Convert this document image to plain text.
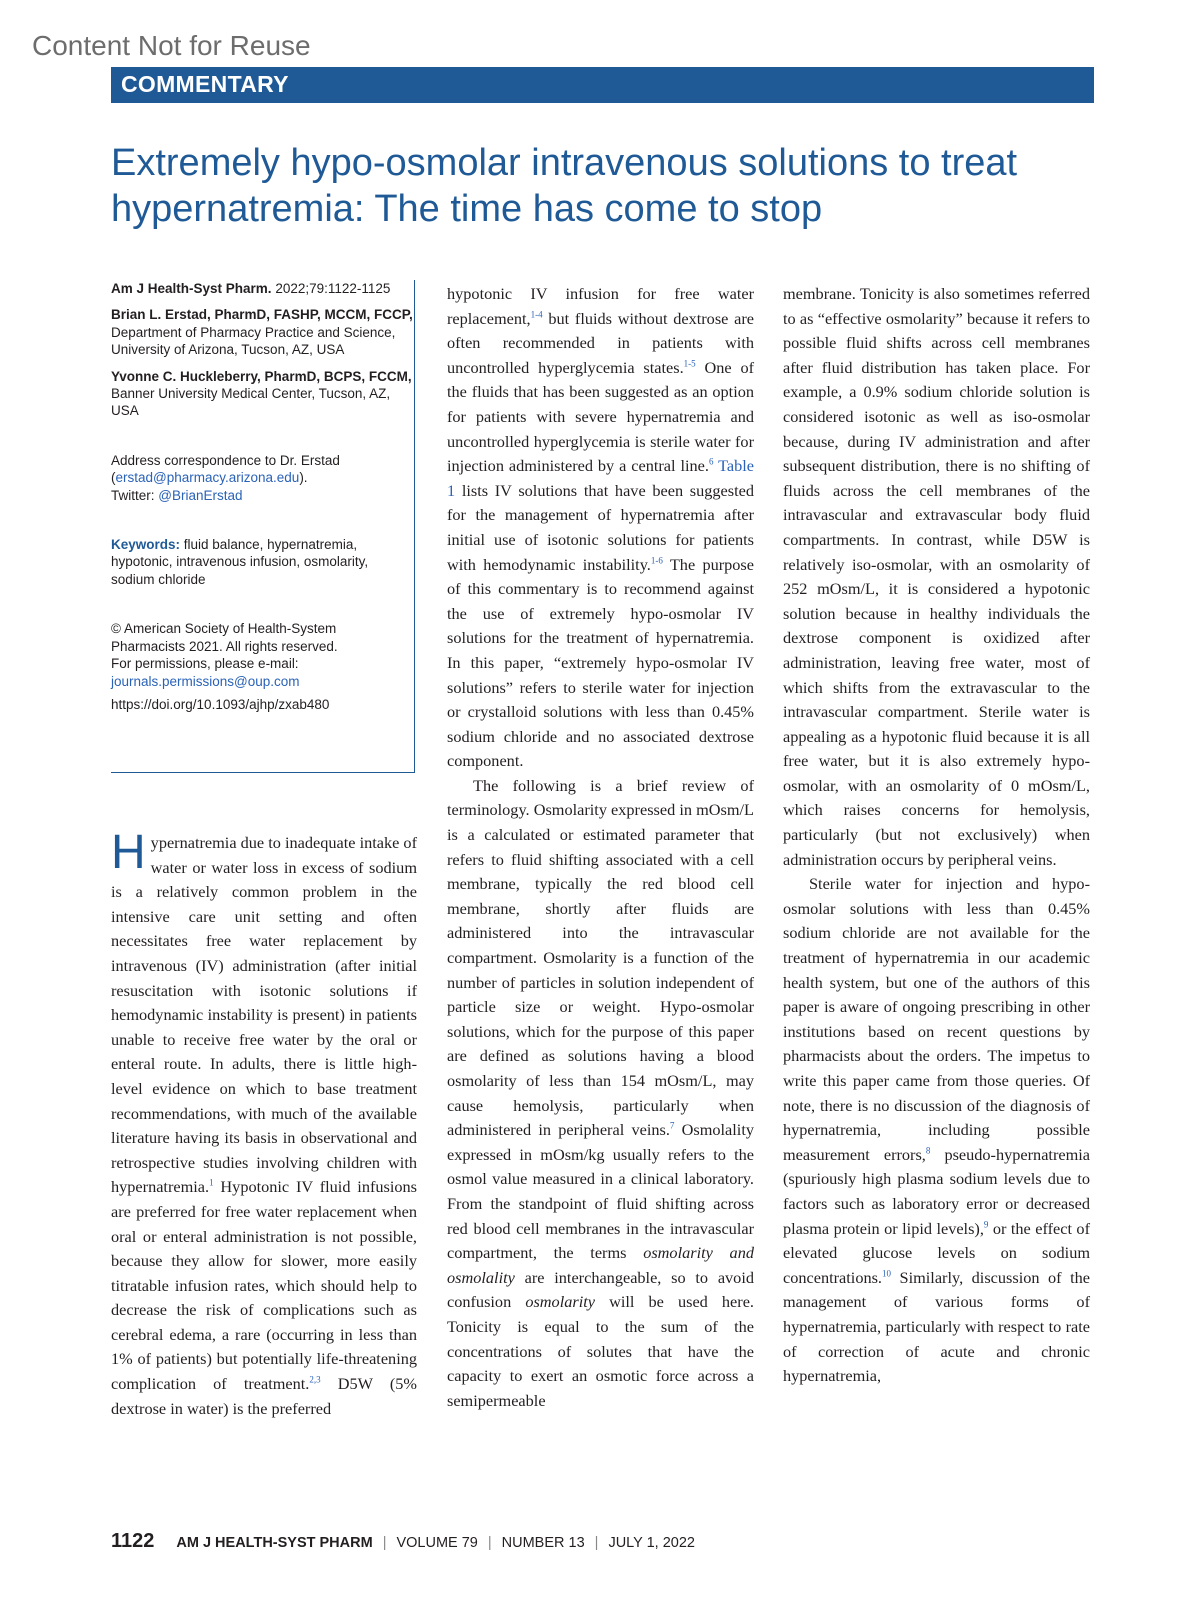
Content Not for Reuse
COMMENTARY
Extremely hypo-osmolar intravenous solutions to treat hypernatremia: The time has come to stop

Am J Health-Syst Pharm. 2022;79:1122-1125

Brian L. Erstad, PharmD, FASHP, MCCM, FCCP, Department of Pharmacy Practice and Science, University of Arizona, Tucson, AZ, USA

Yvonne C. Huckleberry, PharmD, BCPS, FCCM, Banner University Medical Center, Tucson, AZ, USA

Address correspondence to Dr. Erstad
(erstad@pharmacy.arizona.edu).
Twitter: @BrianErstad

Keywords: fluid balance, hypernatremia, hypotonic, intravenous infusion, osmolarity, sodium chloride

© American Society of Health-System Pharmacists 2021. All rights reserved.

For permissions, please e-mail: journals.permissions@oup.com

https://doi.org/10.1093/ajhp/zxab480

Hypernatremia due to inadequate intake of water or water loss in excess of sodium is a relatively common problem in the intensive care unit setting and often necessitates free water replacement by intravenous (IV) administration (after initial resuscitation with isotonic solutions if hemodynamic instability is present) in patients unable to receive free water by the oral or enteral route. In adults, there is little high-level evidence on which to base treatment recommendations, with much of the available literature having its basis in observational and retrospective studies involving children with hypernatremia.$^1$ Hypotonic IV fluid infusions are preferred for free water replacement when oral or enteral administration is not possible, because they allow for slower, more easily titratable infusion rates, which should help to decrease the risk of complications such as cerebral edema, a rare (occurring in less than 1% of patients) but potentially life-threatening complication of treatment.$^{2,3}$ D5W (5% dextrose in water) is the preferred

hypotonic IV infusion for free water replacement,$^{1-4}$ but fluids without dextrose are often recommended in patients with uncontrolled hyperglycemia states.$^{1-5}$ One of the fluids that has been suggested as an option for patients with severe hypernatremia and uncontrolled hyperglycemia is sterile water for injection administered by a central line.$^6$ Table 1 lists IV solutions that have been suggested for the management of hypernatremia after initial use of isotonic solutions for patients with hemodynamic instability.$^{1-6}$ The purpose of this commentary is to recommend against the use of extremely hypo-osmolar IV solutions for the treatment of hypernatremia. In this paper, “extremely hypo-osmolar IV solutions” refers to sterile water for injection or crystalloid solutions with less than 0.45% sodium chloride and no associated dextrose component.

The following is a brief review of terminology. Osmolarity expressed in mOsm/L is a calculated or estimated parameter that refers to fluid shifting associated with a cell membrane, typically the red blood cell membrane, shortly after fluids are administered into the intravascular compartment. Osmolarity is a function of the number of particles in solution independent of particle size or weight. Hypo-osmolar solutions, which for the purpose of this paper are defined as solutions having a blood osmolarity of less than 154 mOsm/L, may cause hemolysis, particularly when administered in peripheral veins.$^7$ Osmolality expressed in mOsm/kg usually refers to the osmol value measured in a clinical laboratory. From the standpoint of fluid shifting across red blood cell membranes in the intravascular compartment, the terms osmolarity and osmolality are interchangeable, so to avoid confusion osmolarity will be used here. Tonicity is equal to the sum of the concentrations of solutes that have the capacity to exert an osmotic force across a semipermeable

membrane. Tonicity is also sometimes referred to as “effective osmolarity” because it refers to possible fluid shifts across cell membranes after fluid distribution has taken place. For example, a 0.9% sodium chloride solution is considered isotonic as well as iso-osmolar because, during IV administration and after subsequent distribution, there is no shifting of fluids across the cell membranes of the intravascular and extravascular body fluid compartments. In contrast, while D5W is relatively iso-osmolar, with an osmolarity of 252 mOsm/L, it is considered a hypotonic solution because in healthy individuals the dextrose component is oxidized after administration, leaving free water, most of which shifts from the extravascular to the intravascular compartment. Sterile water is appealing as a hypotonic fluid because it is all free water, but it is also extremely hypo-osmolar, with an osmolarity of 0 mOsm/L, which raises concerns for hemolysis, particularly (but not exclusively) when administration occurs by peripheral veins.

Sterile water for injection and hypo-osmolar solutions with less than 0.45% sodium chloride are not available for the treatment of hypernatremia in our academic health system, but one of the authors of this paper is aware of ongoing prescribing in other institutions based on recent questions by pharmacists about the orders. The impetus to write this paper came from those queries. Of note, there is no discussion of the diagnosis of hypernatremia, including possible measurement errors,$^8$ pseudo-hypernatremia (spuriously high plasma sodium levels due to factors such as laboratory error or decreased plasma protein or lipid levels),$^9$ or the effect of elevated glucose levels on sodium concentrations.$^{10}$ Similarly, discussion of the management of various forms of hypernatremia, particularly with respect to rate of correction of acute and chronic hypernatremia,

1122 AM J HEALTH-SYST PHARM | VOLUME 79 | NUMBER 13 | JULY 1, 2022
